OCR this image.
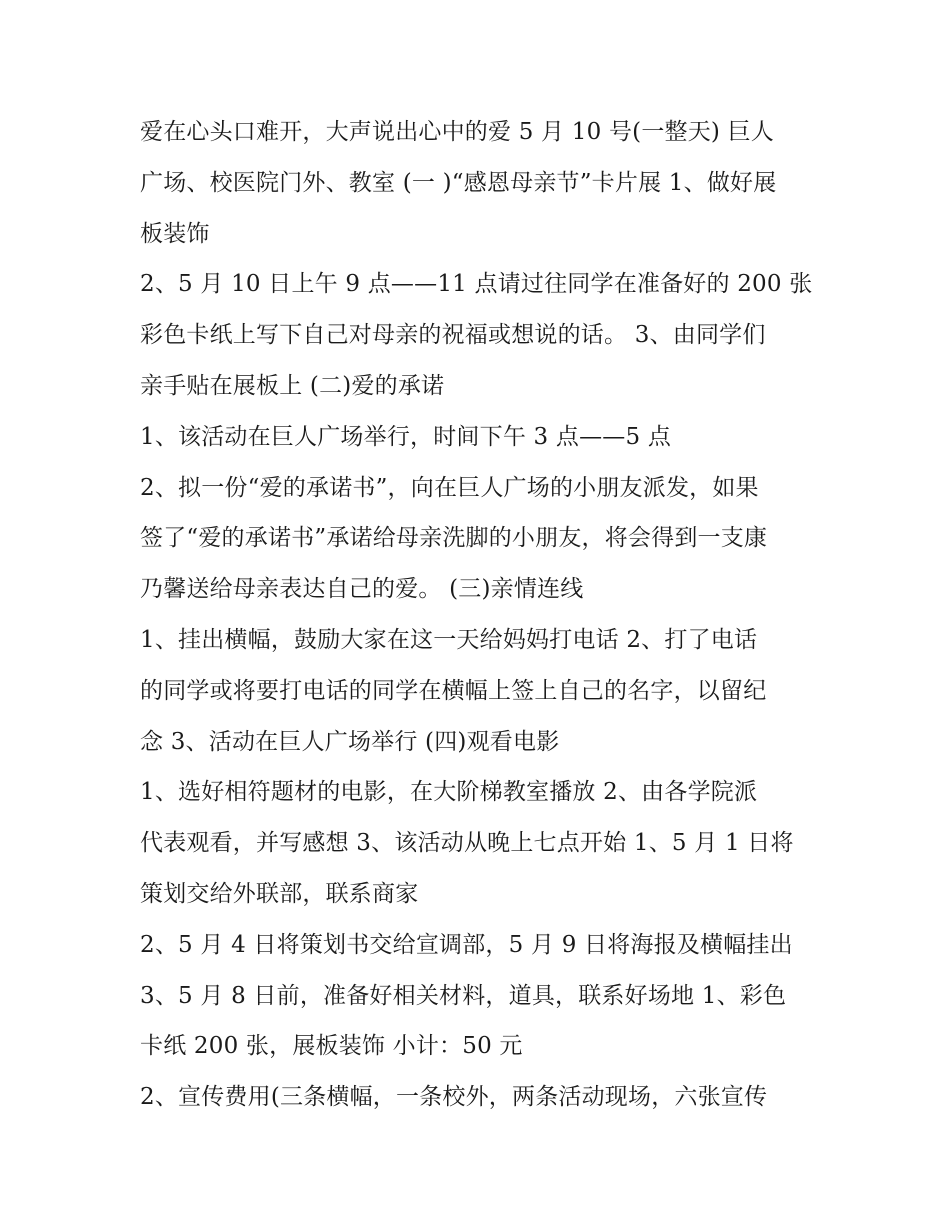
爱在心头口难开，大声说出心中的爱 5 月 10 号(一整天) 巨人
广场、校医院门外、教室 (一 )“感恩母亲节”卡片展 1、做好展
板装饰
2、5 月 10 日上午 9 点——11 点请过往同学在准备好的 200 张
彩色卡纸上写下自己对母亲的祝福或想说的话。 3、由同学们
亲手贴在展板上 (二)爱的承诺
1、该活动在巨人广场举行，时间下午 3 点——5 点
2、拟一份“爱的承诺书”，向在巨人广场的小朋友派发，如果
签了“爱的承诺书”承诺给母亲洗脚的小朋友，将会得到一支康
乃馨送给母亲表达自己的爱。 (三)亲情连线
1、挂出横幅，鼓励大家在这一天给妈妈打电话 2、打了电话
的同学或将要打电话的同学在横幅上签上自己的名字，以留纪
念 3、活动在巨人广场举行 (四)观看电影
1、选好相符题材的电影，在大阶梯教室播放 2、由各学院派
代表观看，并写感想 3、该活动从晚上七点开始 1、5 月 1 日将
策划交给外联部，联系商家
2、5 月 4 日将策划书交给宣调部，5 月 9 日将海报及横幅挂出
3、5 月 8 日前，准备好相关材料，道具，联系好场地 1、彩色
卡纸 200 张，展板装饰 小计：50 元
2、宣传费用(三条横幅，一条校外，两条活动现场，六张宣传
